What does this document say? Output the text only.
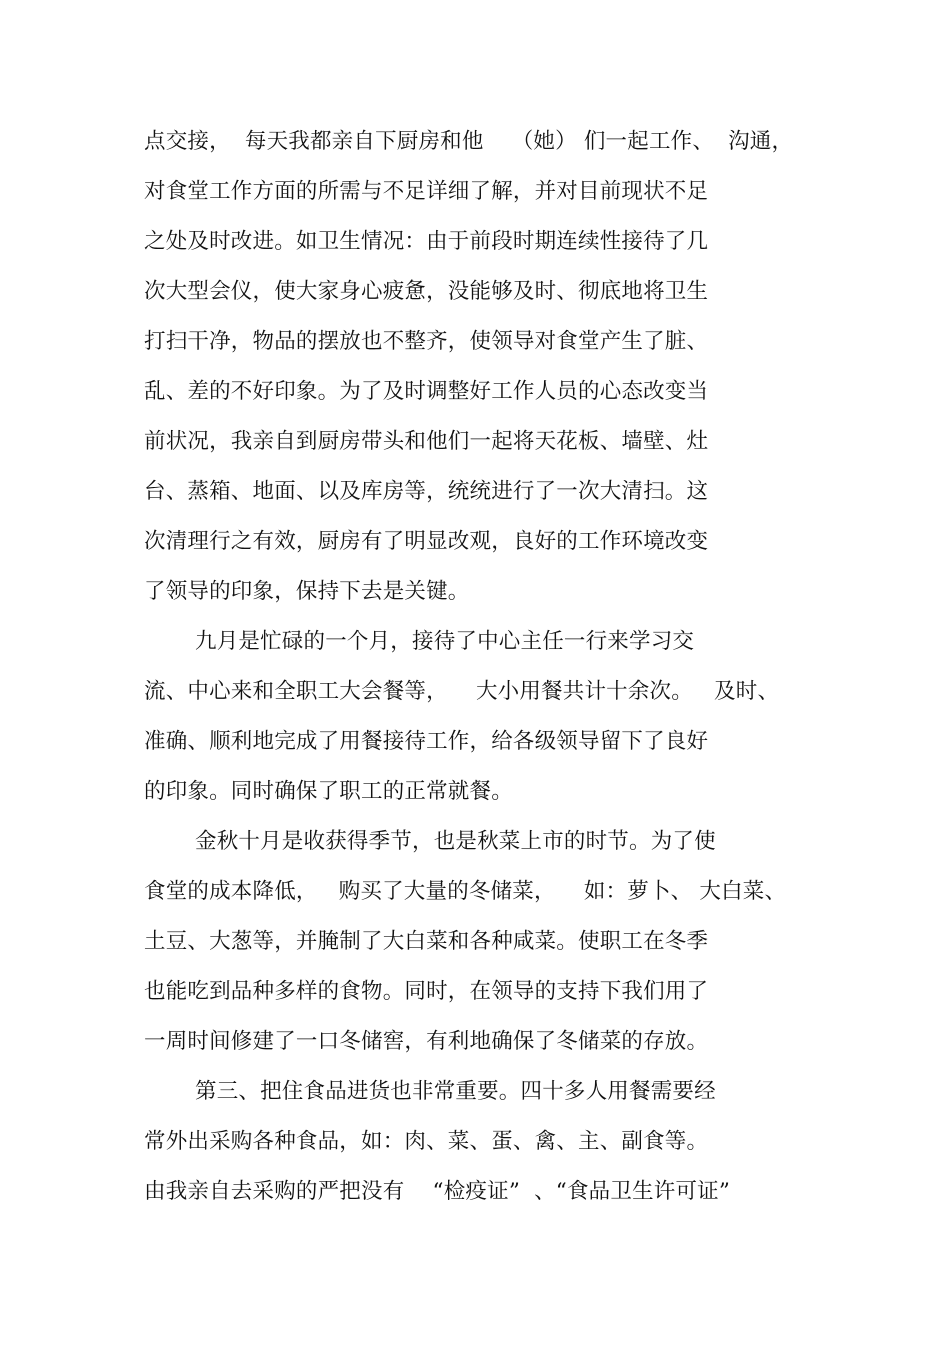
点交接，  每天我都亲自下厨房和他    （她） 们一起工作、  沟通，
对食堂工作方面的所需与不足详细了解，并对目前现状不足
之处及时改进。如卫生情况：由于前段时期连续性接待了几
次大型会仪，使大家身心疲惫，没能够及时、彻底地将卫生
打扫干净，物品的摆放也不整齐，使领导对食堂产生了脏、
乱、差的不好印象。为了及时调整好工作人员的心态改变当
前状况，我亲自到厨房带头和他们一起将天花板、墙壁、灶
台、蒸箱、地面、以及库房等，统统进行了一次大清扫。这
次清理行之有效，厨房有了明显改观，良好的工作环境改变
了领导的印象，保持下去是关键。
九月是忙碌的一个月，接待了中心主任一行来学习交
流、中心来和全职工大会餐等，    大小用餐共计十余次。   及时、
准确、顺利地完成了用餐接待工作，给各级领导留下了良好
的印象。同时确保了职工的正常就餐。
金秋十月是收获得季节，也是秋菜上市的时节。为了使
食堂的成本降低，   购买了大量的冬储菜，    如：萝卜、 大白菜、
土豆、大葱等，并腌制了大白菜和各种咸菜。使职工在冬季
也能吃到品种多样的食物。同时，在领导的支持下我们用了
一周时间修建了一口冬储窖，有利地确保了冬储菜的存放。
第三、把住食品进货也非常重要。四十多人用餐需要经
常外出采购各种食品，如：肉、菜、蛋、禽、主、副食等。
由我亲自去采购的严把没有    “检疫证”  、“食品卫生许可证”
